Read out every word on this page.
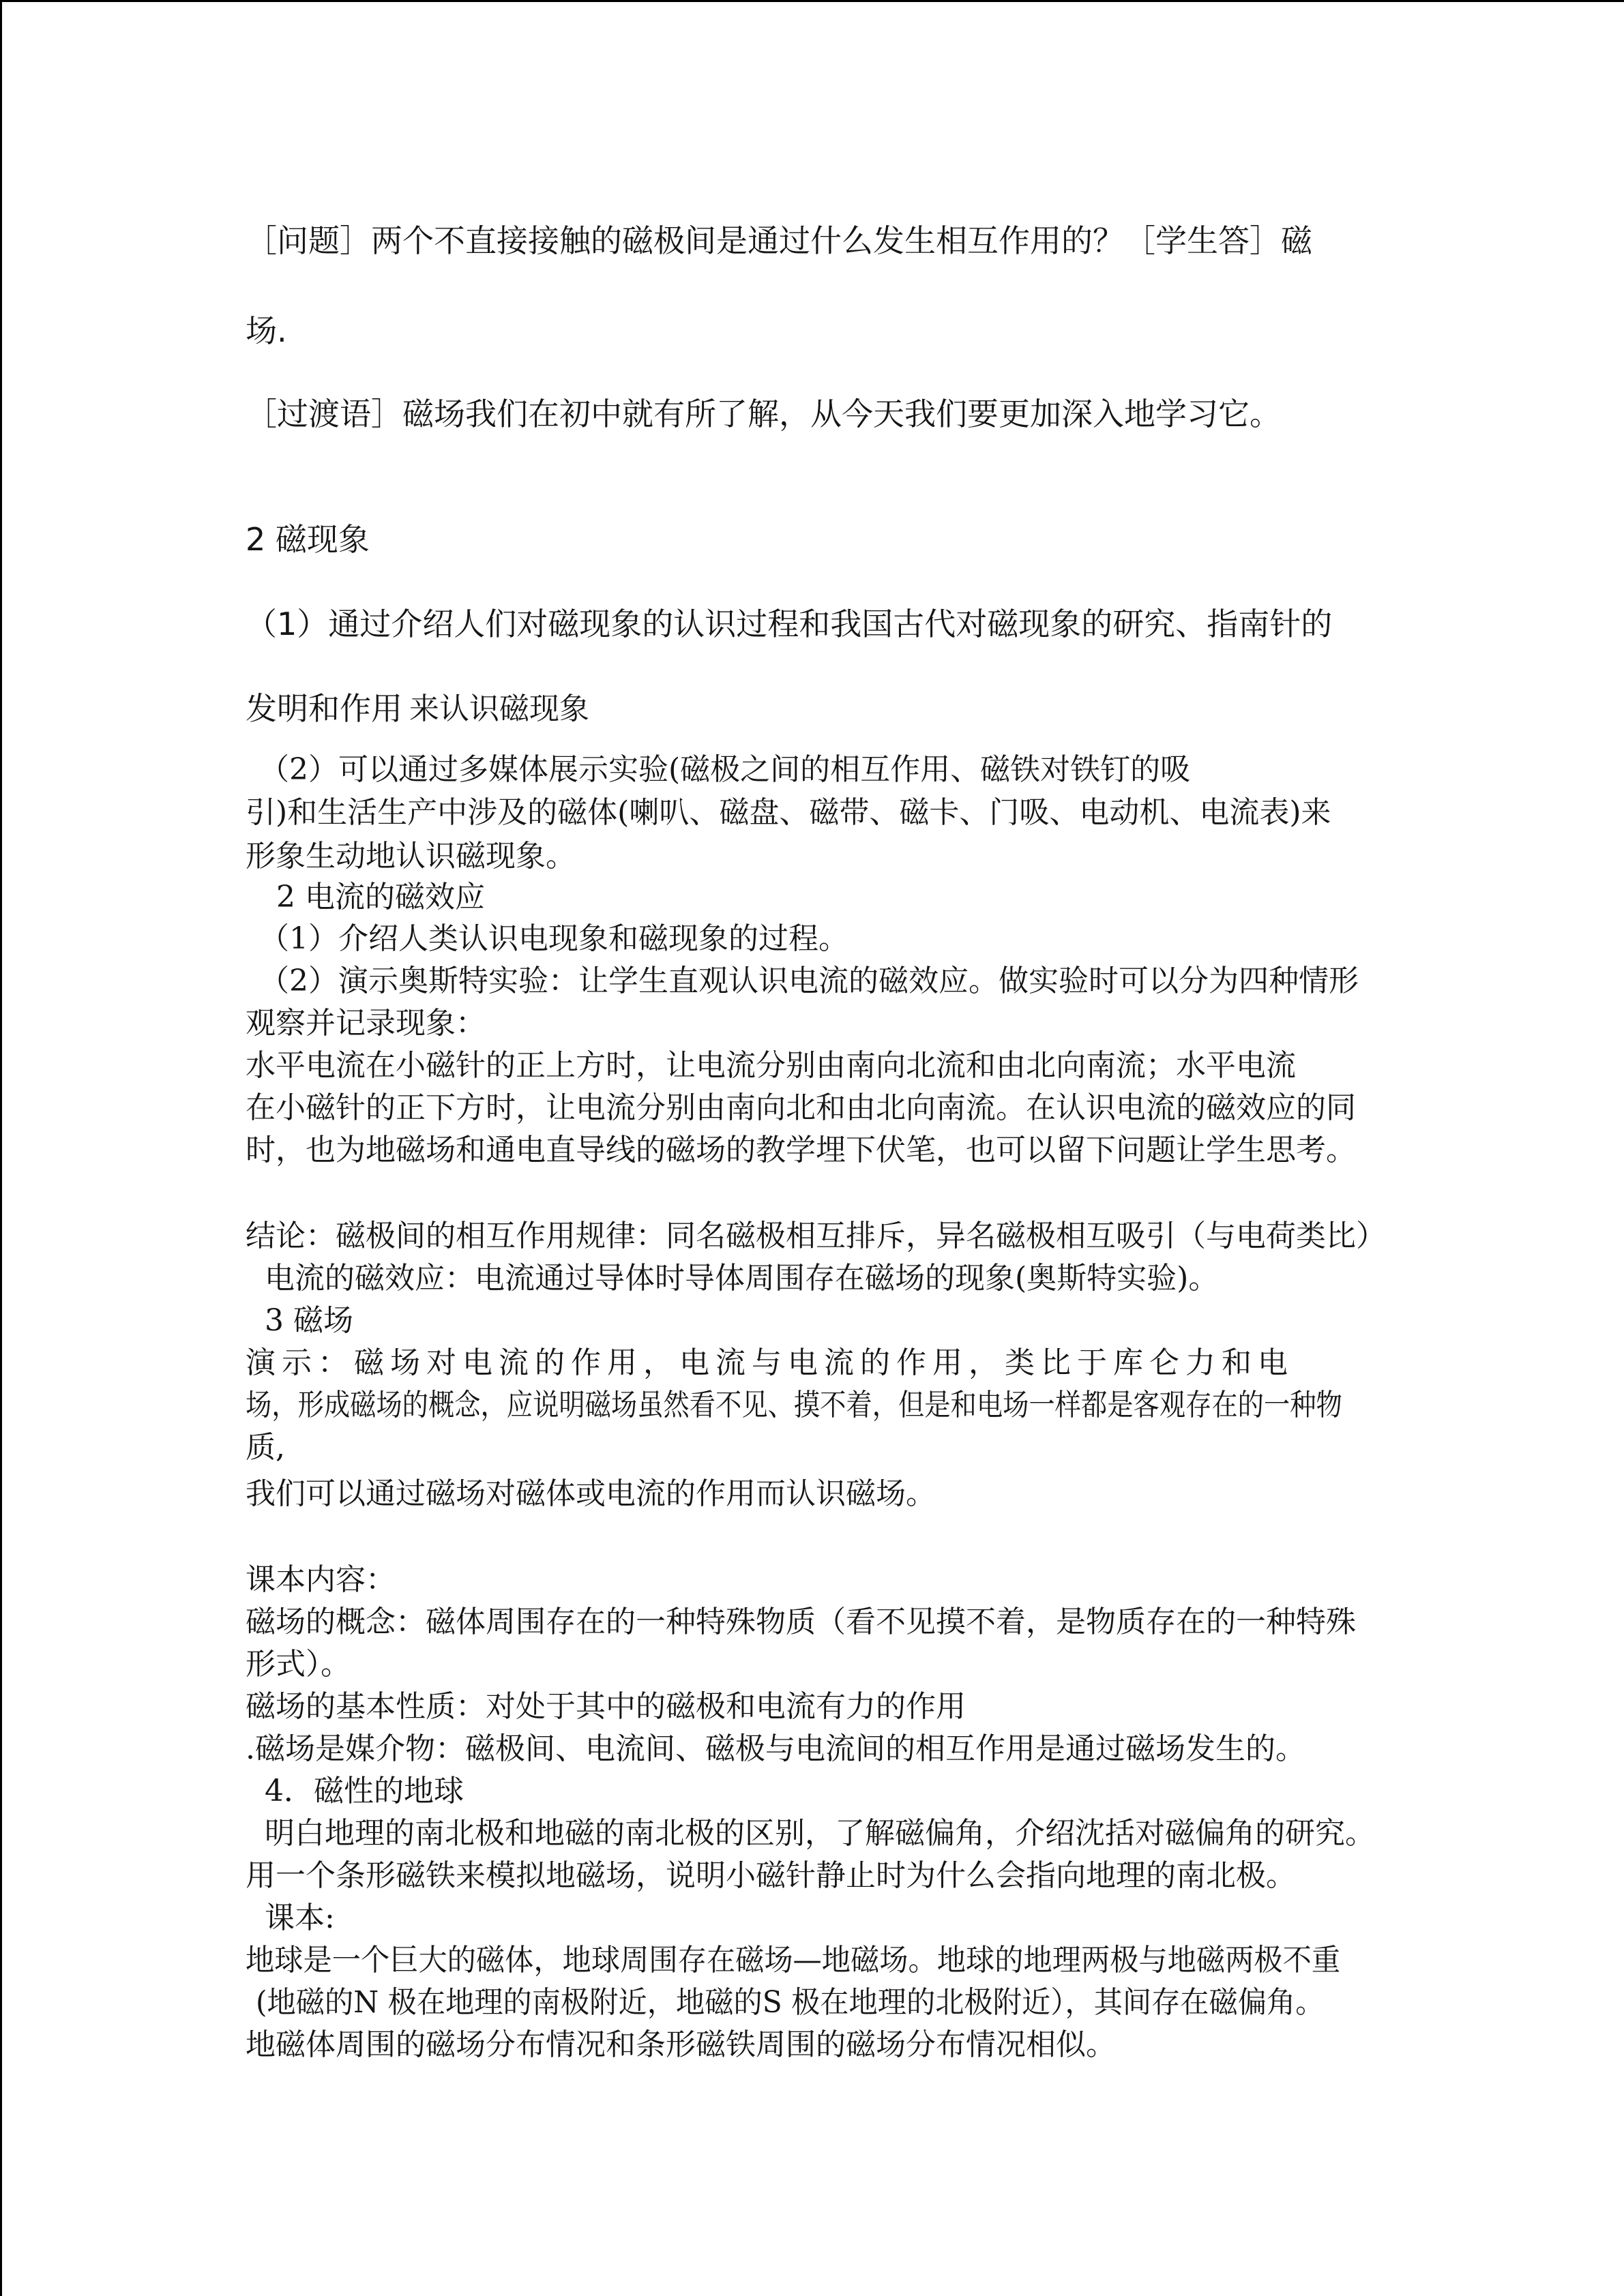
［问题］两个不直接接触的磁极间是通过什么发生相互作用的？［学生答］磁
场.
［过渡语］磁场我们在初中就有所了解，从今天我们要更加深入地学习它。
2 磁现象
（1）通过介绍人们对磁现象的认识过程和我国古代对磁现象的研究、指南针的
发明和作用 来认识磁现象
（2）可以通过多媒体展示实验(磁极之间的相互作用、磁铁对铁钉的吸
引)和生活生产中涉及的磁体(喇叭、磁盘、磁带、磁卡、门吸、电动机、电流表)来
形象生动地认识磁现象。
2 电流的磁效应
（1）介绍人类认识电现象和磁现象的过程。
（2）演示奥斯特实验：让学生直观认识电流的磁效应。做实验时可以分为四种情形
观察并记录现象：
水平电流在小磁针的正上方时，让电流分别由南向北流和由北向南流；水平电流
在小磁针的正下方时，让电流分别由南向北和由北向南流。在认识电流的磁效应的同
时，也为地磁场和通电直导线的磁场的教学埋下伏笔，也可以留下问题让学生思考。
结论：磁极间的相互作用规律：同名磁极相互排斥，异名磁极相互吸引（与电荷类比）
电流的磁效应：电流通过导体时导体周围存在磁场的现象(奥斯特实验)。
3 磁场
演示：磁场对电流的作用，电流与电流的作用，类比于库仑力和电
场，形成磁场的概念，应说明磁场虽然看不见、摸不着，但是和电场一样都是客观存在的一种物
质,
我们可以通过磁场对磁体或电流的作用而认识磁场。
课本内容：
磁场的概念：磁体周围存在的一种特殊物质（看不见摸不着，是物质存在的一种特殊
形式）。
磁场的基本性质：对处于其中的磁极和电流有力的作用
.磁场是媒介物：磁极间、电流间、磁极与电流间的相互作用是通过磁场发生的。
4．磁性的地球
明白地理的南北极和地磁的南北极的区别，了解磁偏角，介绍沈括对磁偏角的研究。
用一个条形磁铁来模拟地磁场，说明小磁针静止时为什么会指向地理的南北极。
课本:
地球是一个巨大的磁体，地球周围存在磁场—地磁场。地球的地理两极与地磁两极不重
(地磁的N 极在地理的南极附近，地磁的S 极在地理的北极附近），其间存在磁偏角。
地磁体周围的磁场分布情况和条形磁铁周围的磁场分布情况相似。
